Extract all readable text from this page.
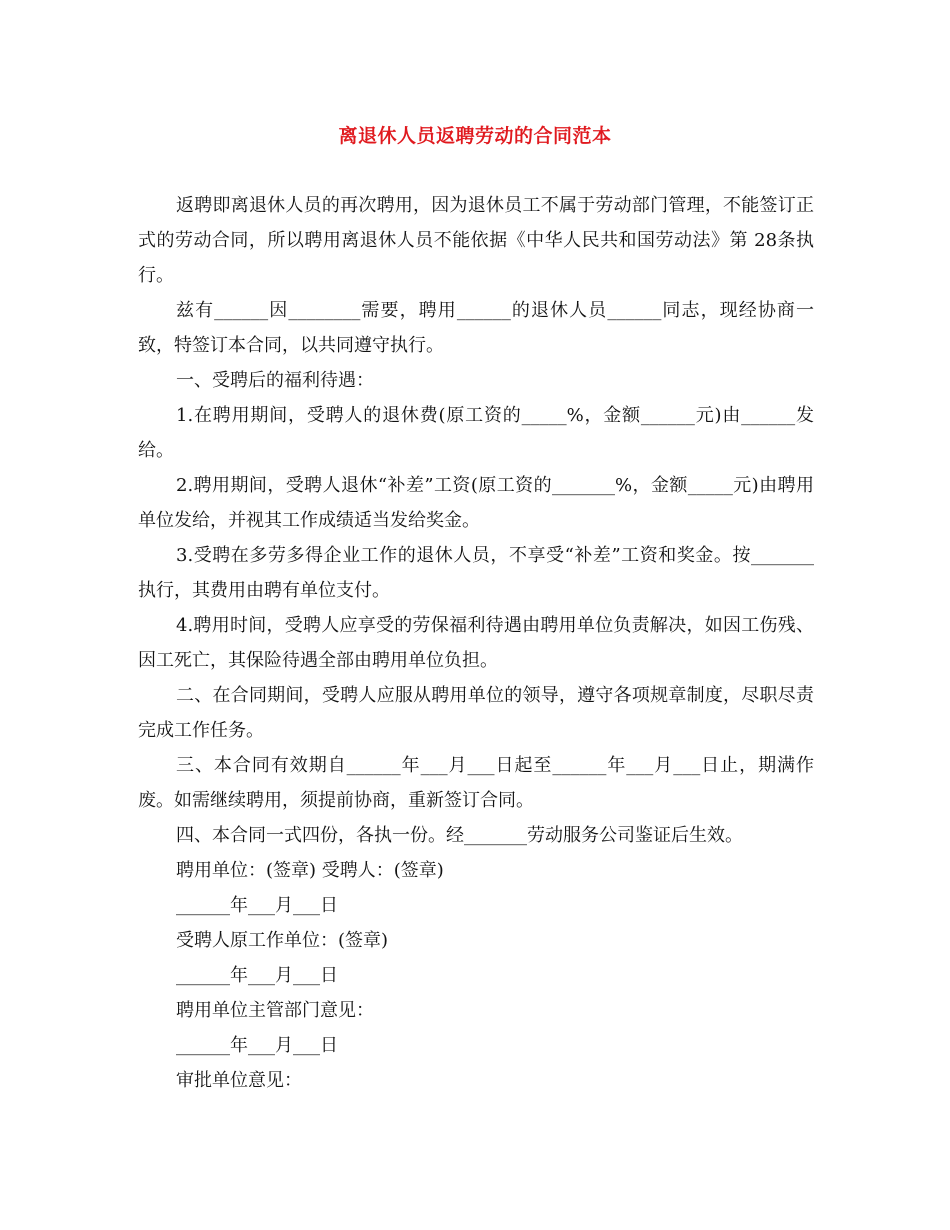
离退休人员返聘劳动的合同范本

返聘即离退休人员的再次聘用，因为退休员工不属于劳动部门管理，不能签订正式的劳动合同，所以聘用离退休人员不能依据《中华人民共和国劳动法》第 28条执行。

兹有______因________需要，聘用______的退休人员______同志，现经协商一致，特签订本合同，以共同遵守执行。

一、受聘后的福利待遇：

1.在聘用期间，受聘人的退休费(原工资的_____%，金额______元)由______发给。

2.聘用期间，受聘人退休“补差”工资(原工资的_______%，金额_____元)由聘用单位发给，并视其工作成绩适当发给奖金。

3.受聘在多劳多得企业工作的退休人员，不享受“补差”工资和奖金。按_______执行，其费用由聘有单位支付。

4.聘用时间，受聘人应享受的劳保福利待遇由聘用单位负责解决，如因工伤残、因工死亡，其保险待遇全部由聘用单位负担。

二、在合同期间，受聘人应服从聘用单位的领导，遵守各项规章制度，尽职尽责完成工作任务。

三、本合同有效期自______年___月___日起至______年___月___日止，期满作废。如需继续聘用，须提前协商，重新签订合同。

四、本合同一式四份，各执一份。经_______劳动服务公司鉴证后生效。

聘用单位：(签章) 受聘人：(签章)

______年___月___日

受聘人原工作单位：(签章)

______年___月___日

聘用单位主管部门意见：

______年___月___日

审批单位意见：
